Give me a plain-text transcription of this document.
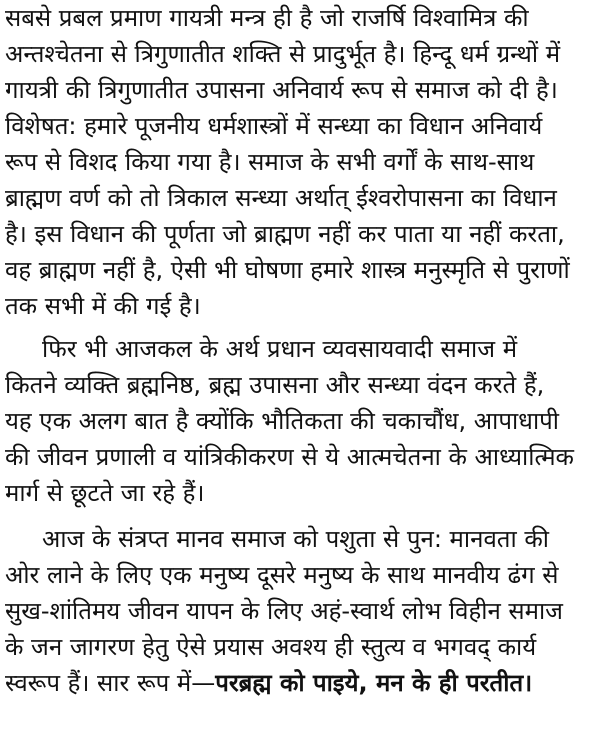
सबसे प्रबल प्रमाण गायत्री मन्त्र ही है जो राजर्षि विश्वामित्र की
अन्तश्चेतना से त्रिगुणातीत शक्ति से प्रादुर्भूत है। हिन्दू धर्म ग्रन्थों में
गायत्री की त्रिगुणातीत उपासना अनिवार्य रूप से समाज को दी है।
विशेषत: हमारे पूजनीय धर्मशास्त्रों में सन्ध्या का विधान अनिवार्य
रूप से विशद किया गया है। समाज के सभी वर्गों के साथ-साथ
ब्राह्मण वर्ण को तो त्रिकाल सन्ध्या अर्थात् ईश्वरोपासना का विधान
है। इस विधान की पूर्णता जो ब्राह्मण नहीं कर पाता या नहीं करता,
वह ब्राह्मण नहीं है, ऐसी भी घोषणा हमारे शास्त्र मनुस्मृति से पुराणों
तक सभी में की गई है।
फिर भी आजकल के अर्थ प्रधान व्यवसायवादी समाज में
कितने व्यक्ति ब्रह्मनिष्ठ, ब्रह्म उपासना और सन्ध्या वंदन करते हैं,
यह एक अलग बात है क्योंकि भौतिकता की चकाचौंध, आपाधापी
की जीवन प्रणाली व यांत्रिकीकरण से ये आत्मचेतना के आध्यात्मिक
मार्ग से छूटते जा रहे हैं।
आज के संत्रप्त मानव समाज को पशुता से पुन: मानवता की
ओर लाने के लिए एक मनुष्य दूसरे मनुष्य के साथ मानवीय ढंग से
सुख-शांतिमय जीवन यापन के लिए अहं-स्वार्थ लोभ विहीन समाज
के जन जागरण हेतु ऐसे प्रयास अवश्य ही स्तुत्य व भगवद् कार्य
स्वरूप हैं। सार रूप में—परब्रह्म को पाइये, मन के ही परतीत।
